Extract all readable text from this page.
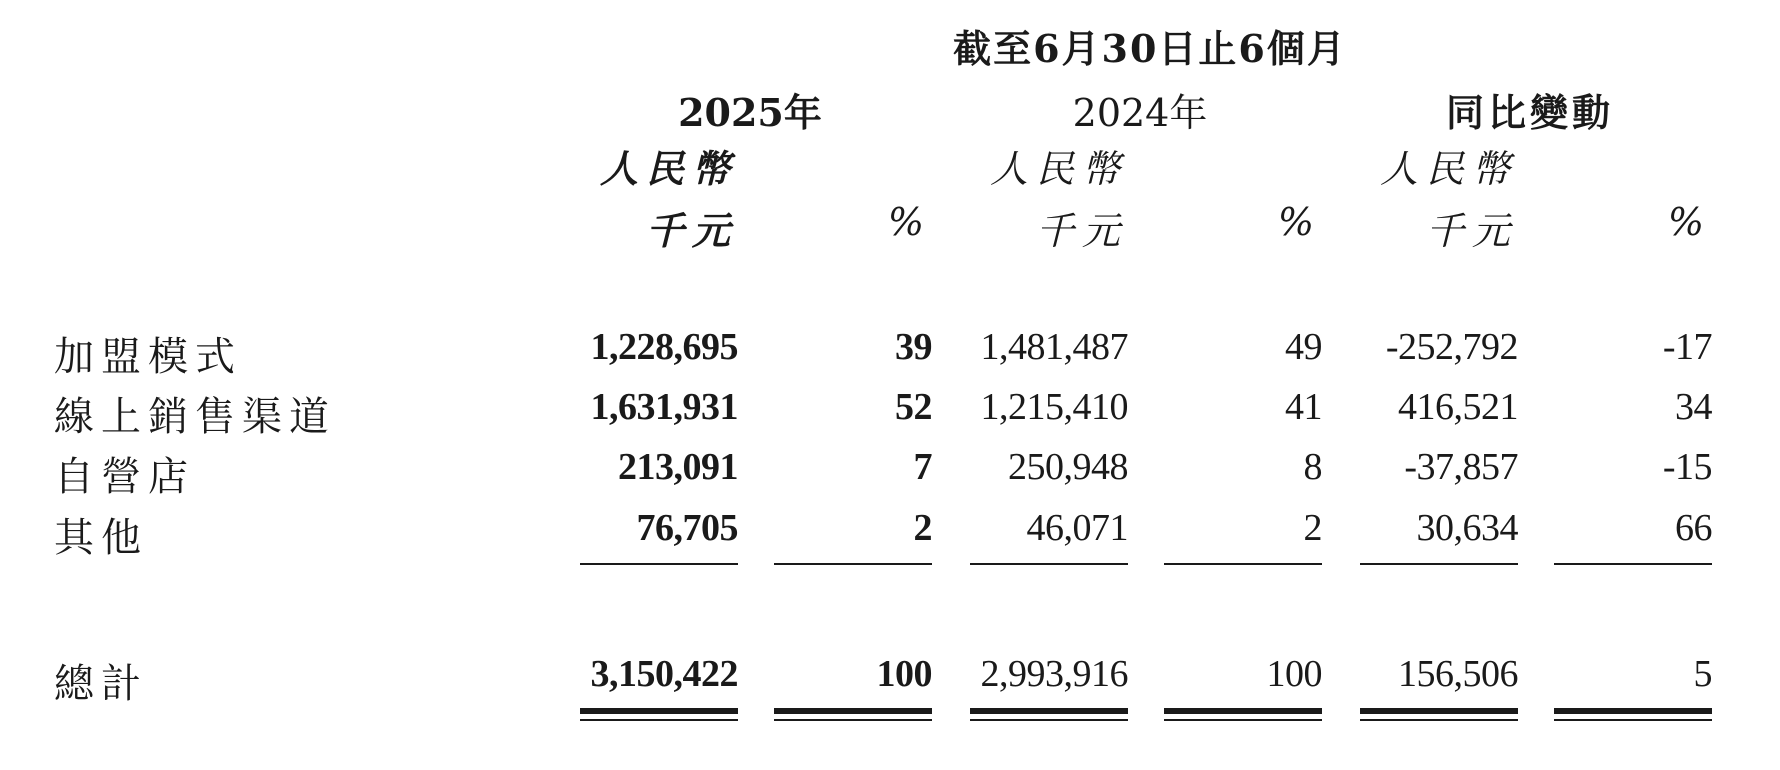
截至6月30日止6個月
2025年	2024年	同比變動
人民幣	人民幣	人民幣
千元	%	千元	%	千元	%
加盟模式	1,228,695	39 1,481,487	49 -252,792	-17
線上銷售渠道	1,631,931	52 1,215,410	41 416,521	34
自營店	213,091	7 250,948	8 -37,857	-15
其他	76,705	2 46,071	2 30,634	66
總計	3,150,422	100 2,993,916	100 156,506	5
